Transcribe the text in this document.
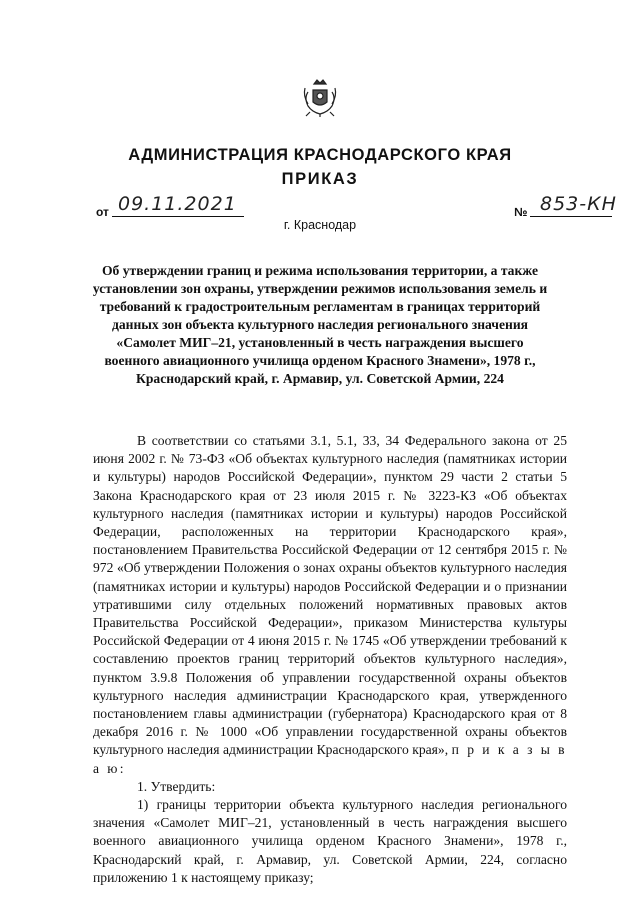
АДМИНИСТРАЦИЯ КРАСНОДАРСКОГО КРАЯ
ПРИКАЗ
от 09.11.2021	№ 853-КН
г. Краснодар
Об утверждении границ и режима использования территории, а также установлении зон охраны, утверждении режимов использования земель и требований к градостроительным регламентам в границах территорий данных зон объекта культурного наследия регионального значения «Самолет МИГ–21, установленный в честь награждения высшего военного авиационного училища орденом Красного Знамени», 1978 г., Краснодарский край, г. Армавир, ул. Советской Армии, 224

В соответствии со статьями 3.1, 5.1, 33, 34 Федерального закона от 25 июня 2002 г. № 73-ФЗ «Об объектах культурного наследия (памятниках истории и культуры) народов Российской Федерации», пунктом 29 части 2 статьи 5 Закона Краснодарского края от 23 июля 2015 г. № 3223-КЗ «Об объектах культурного наследия (памятниках истории и культуры) народов Российской Федерации, расположенных на территории Краснодарского края», постановлением Правительства Российской Федерации от 12 сентября 2015 г. № 972 «Об утверждении Положения о зонах охраны объектов культурного наследия (памятниках истории и культуры) народов Российской Федерации и о признании утратившими силу отдельных положений нормативных правовых актов Правительства Российской Федерации», приказом Министерства культуры Российской Федерации от 4 июня 2015 г. № 1745 «Об утверждении требований к составлению проектов границ территорий объектов культурного наследия», пунктом 3.9.8 Положения об управлении государственной охраны объектов культурного наследия администрации Краснодарского края, утвержденного постановлением главы администрации (губернатора) Краснодарского края от 8 декабря 2016 г. № 1000 «Об управлении государственной охраны объектов культурного наследия администрации Краснодарского края», п р и к а з ы в а ю:

1. Утвердить:

1) границы территории объекта культурного наследия регионального значения «Самолет МИГ–21, установленный в честь награждения высшего военного авиационного училища орденом Красного Знамени», 1978 г., Краснодарский край, г. Армавир, ул. Советской Армии, 224, согласно приложению 1 к настоящему приказу;
